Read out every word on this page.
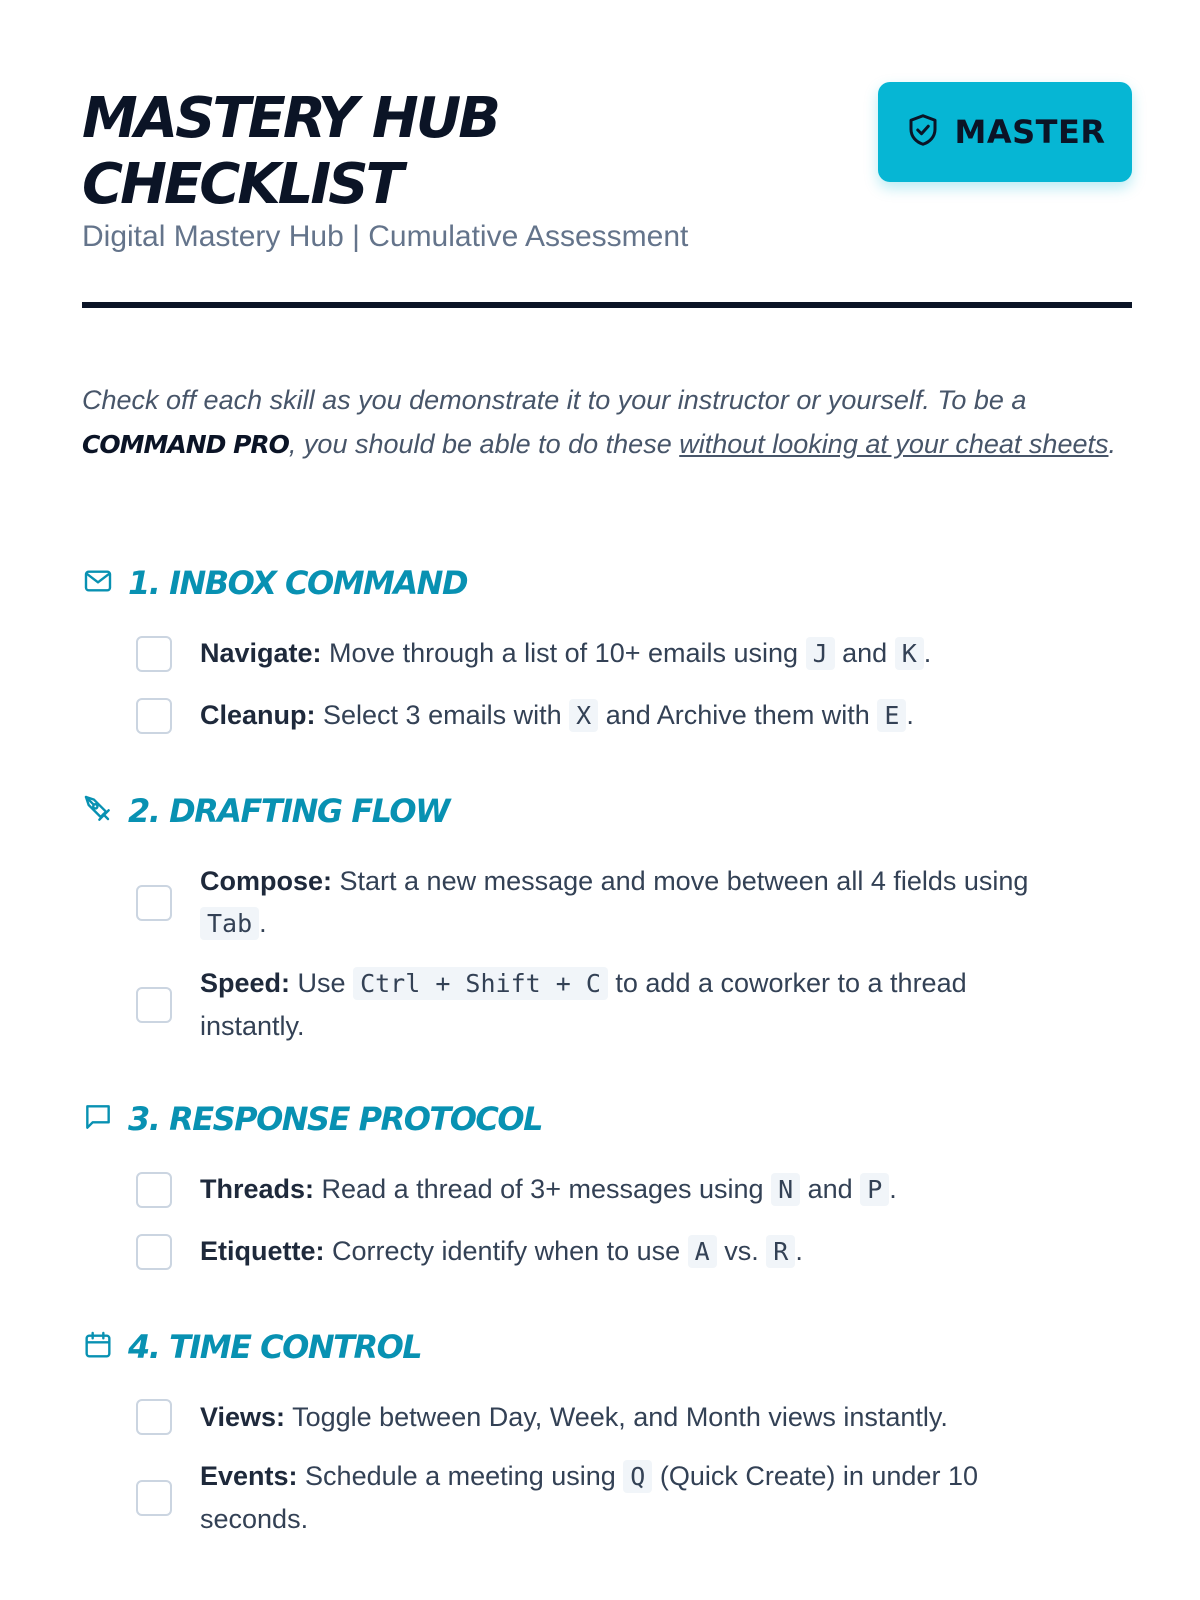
MASTERY HUB
CHECKLIST
Digital Mastery Hub | Cumulative Assessment
MASTER

Check off each skill as you demonstrate it to your instructor or yourself. To be a COMMAND PRO, you should be able to do these without looking at your cheat sheets.

1. INBOX COMMAND
Navigate: Move through a list of 10+ emails using J and K .
Cleanup: Select 3 emails with X and Archive them with E .
2. DRAFTING FLOW
Compose: Start a new message and move between all 4 fields using Tab .
Speed: Use Ctrl + Shift + C to add a coworker to a thread instantly.
3. RESPONSE PROTOCOL
Threads: Read a thread of 3+ messages using N and P .
Etiquette: Correcty identify when to use A vs. R .
4. TIME CONTROL
Views: Toggle between Day, Week, and Month views instantly.
Events: Schedule a meeting using Q (Quick Create) in under 10 seconds.
